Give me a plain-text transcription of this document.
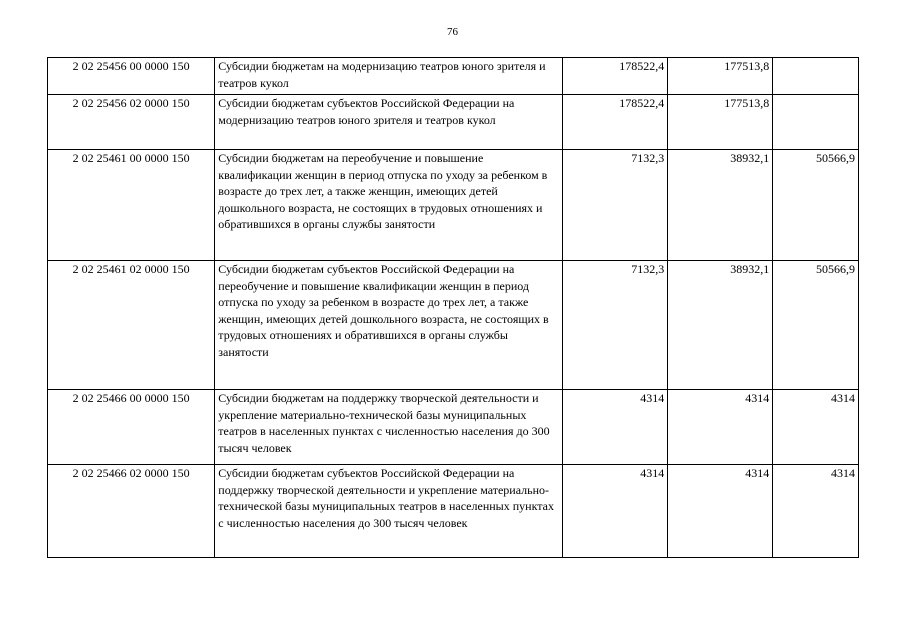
76
2 02 25456 00 0000 150	Субсидии бюджетам на модернизацию театров юного зрителя и театров кукол	178522,4	177513,8	
2 02 25456 02 0000 150	Субсидии бюджетам субъектов Российской Федерации на модернизацию театров юного зрителя и театров кукол	178522,4	177513,8	
2 02 25461 00 0000 150	Субсидии бюджетам на переобучение и повышение квалификации женщин в период отпуска по уходу за ребенком в возрасте до трех лет, а также женщин, имеющих детей дошкольного возраста, не состоящих в трудовых отношениях и обратившихся в органы службы занятости	7132,3	38932,1	50566,9
2 02 25461 02 0000 150	Субсидии бюджетам субъектов Российской Федерации на переобучение и повышение квалификации женщин в период отпуска по уходу за ребенком в возрасте до трех лет, а также женщин, имеющих детей дошкольного возраста, не состоящих в трудовых отношениях и обратившихся в органы службы занятости	7132,3	38932,1	50566,9
2 02 25466 00 0000 150	Субсидии бюджетам на поддержку творческой деятельности и укрепление материально-технической базы муниципальных театров в населенных пунктах с численностью населения до 300 тысяч человек	4314	4314	4314
2 02 25466 02 0000 150	Субсидии бюджетам субъектов Российской Федерации на поддержку творческой деятельности и укрепление материально-технической базы муниципальных театров в населенных пунктах с численностью населения до 300 тысяч человек	4314	4314	4314
